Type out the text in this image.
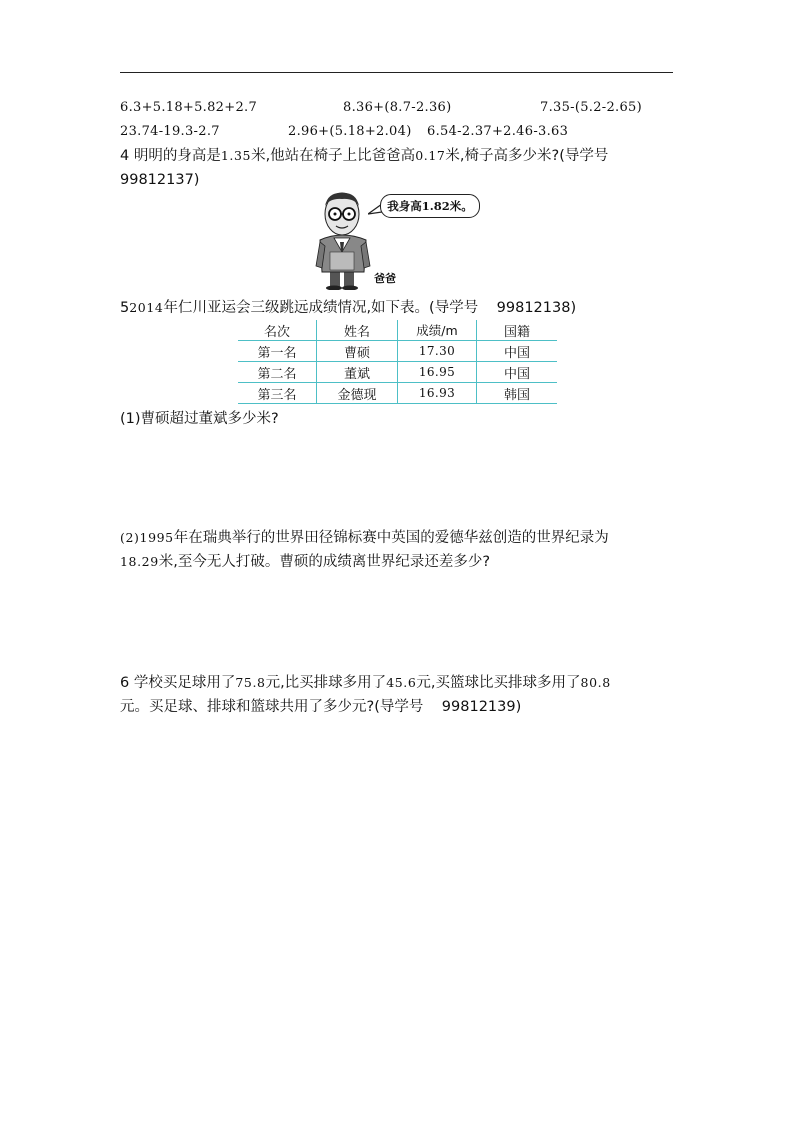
6.3+5.18+5.82+2.7	8.36+(8.7-2.36)	7.35-(5.2-2.65)
23.74-19.3-2.7	2.96+(5.18+2.04) 6.54-2.37+2.46-3.63
4 明明的身高是1.35米,他站在椅子上比爸爸高0.17米,椅子高多少米?(导学号
99812137)
我身高1.82米。
爸爸
52014年仁川亚运会三级跳远成绩情况,如下表。(导学号 99812138)
名次	姓名	成绩/m	国籍
第一名	曹硕	17.30	中国
第二名	董斌	16.95	中国
第三名	金德现	16.93	韩国
(1)曹硕超过董斌多少米?
(2)1995年在瑞典举行的世界田径锦标赛中英国的爱德华兹创造的世界纪录为
18.29米,至今无人打破。曹硕的成绩离世界纪录还差多少?
6 学校买足球用了75.8元,比买排球多用了45.6元,买篮球比买排球多用了80.8
元。买足球、排球和篮球共用了多少元?(导学号 99812139)
